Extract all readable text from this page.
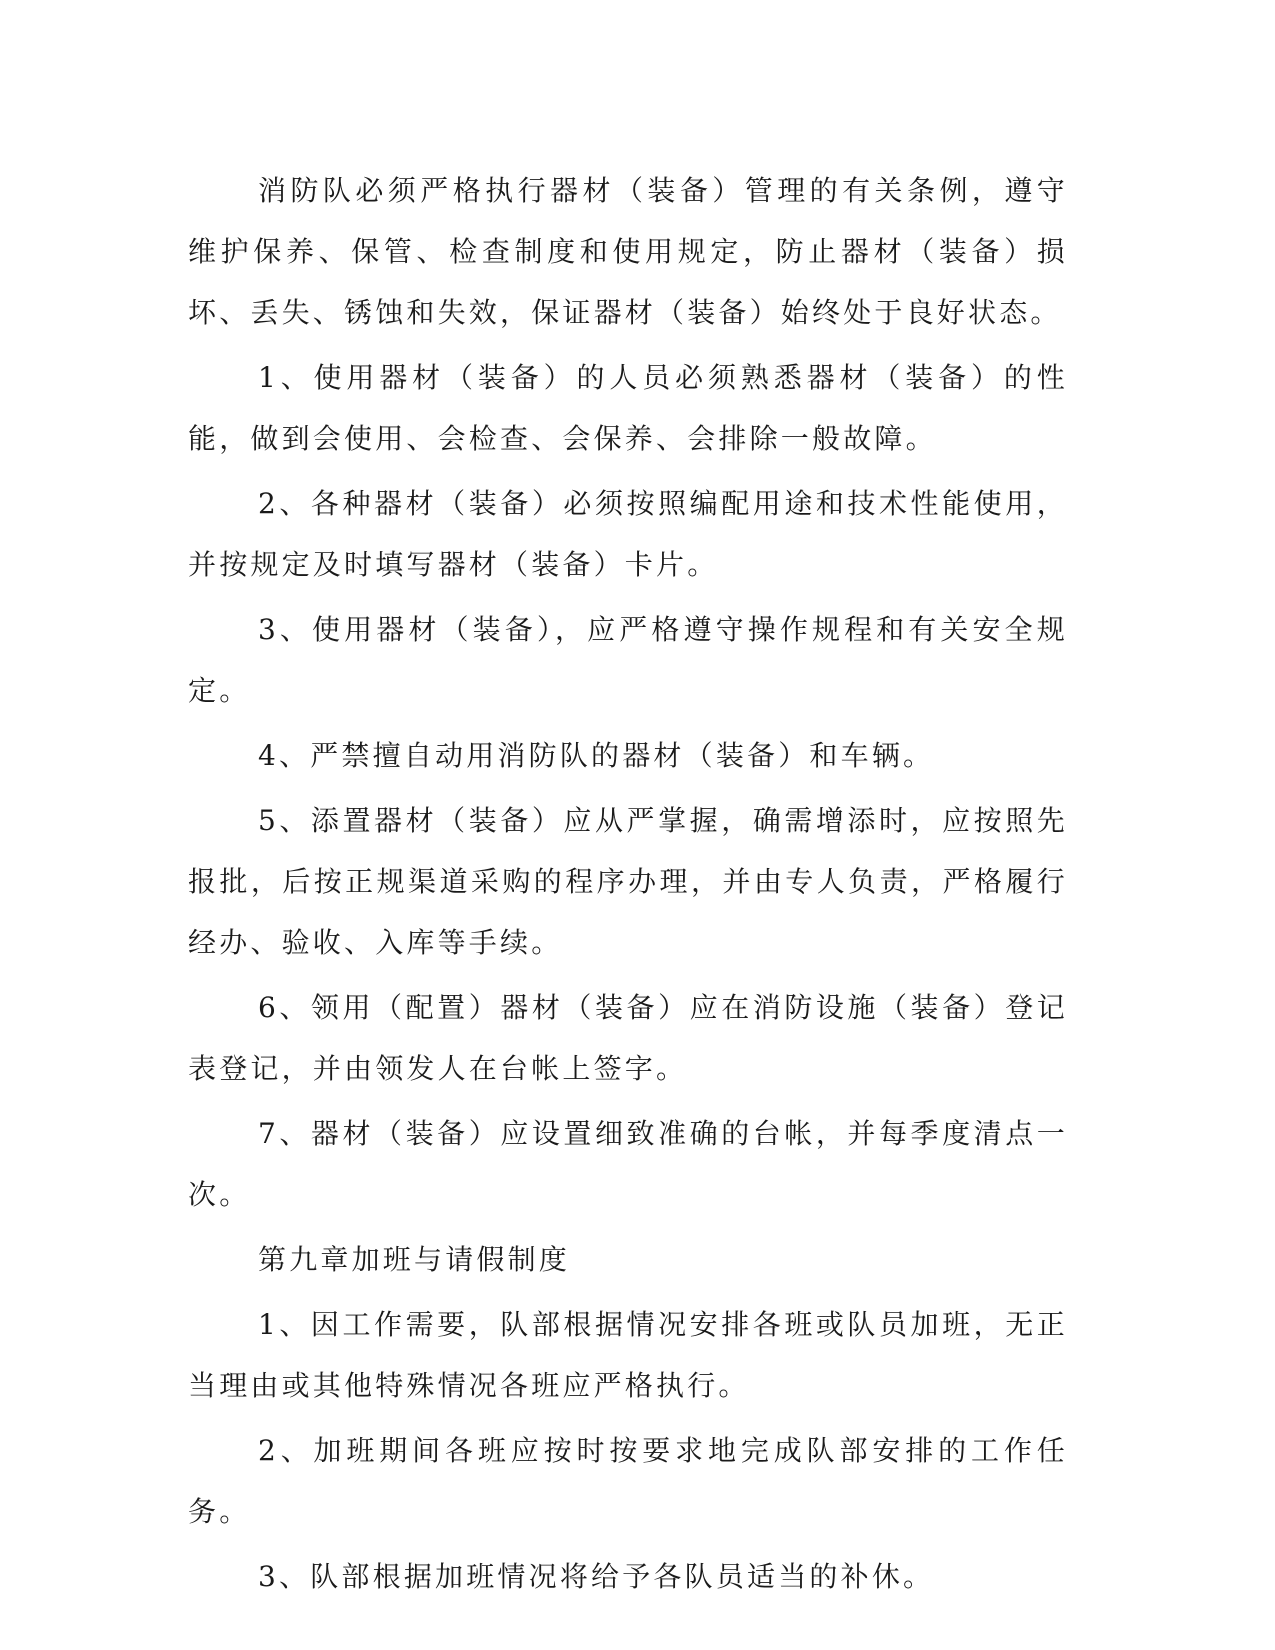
消防队必须严格执行器材（装备）管理的有关条例，遵守维护保养、保管、检查制度和使用规定，防止器材（装备）损坏、丢失、锈蚀和失效，保证器材（装备）始终处于良好状态。

1、使用器材（装备）的人员必须熟悉器材（装备）的性能，做到会使用、会检查、会保养、会排除一般故障。

2、各种器材（装备）必须按照编配用途和技术性能使用，并按规定及时填写器材（装备）卡片。

3、使用器材（装备），应严格遵守操作规程和有关安全规定。

4、严禁擅自动用消防队的器材（装备）和车辆。

5、添置器材（装备）应从严掌握，确需增添时，应按照先报批，后按正规渠道采购的程序办理，并由专人负责，严格履行经办、验收、入库等手续。

6、领用（配置）器材（装备）应在消防设施（装备）登记表登记，并由领发人在台帐上签字。

7、器材（装备）应设置细致准确的台帐，并每季度清点一次。

第九章加班与请假制度

1、因工作需要，队部根据情况安排各班或队员加班，无正当理由或其他特殊情况各班应严格执行。

2、加班期间各班应按时按要求地完成队部安排的工作任务。

3、队部根据加班情况将给予各队员适当的补休。
